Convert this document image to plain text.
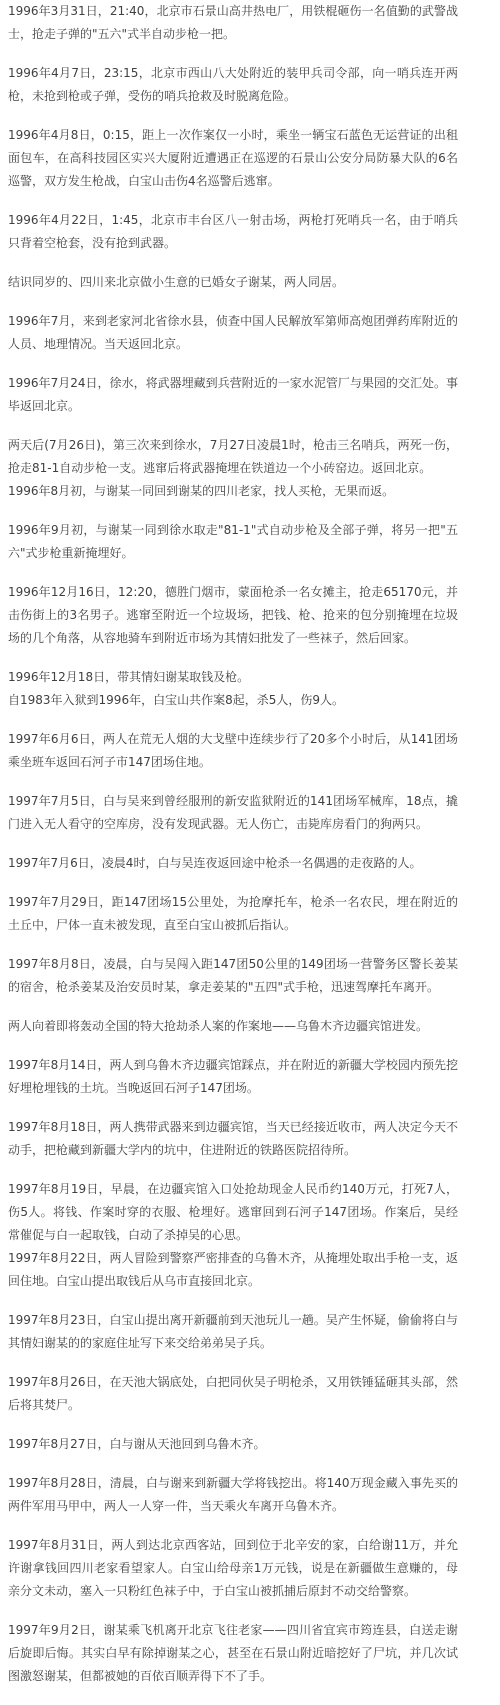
1996年3月31日，21:40，北京市石景山高井热电厂，用铁棍砸伤一名值勤的武警战士，抢走子弹的"五六"式半自动步枪一把。

1996年4月7日，23:15，北京市西山八大处附近的装甲兵司令部，向一哨兵连开两枪，未抢到枪或子弹，受伤的哨兵抢救及时脱离危险。

1996年4月8日，0:15，距上一次作案仅一小时，乘坐一辆宝石蓝色无运营证的出租面包车，在高科技园区实兴大厦附近遭遇正在巡逻的石景山公安分局防暴大队的6名巡警，双方发生枪战，白宝山击伤4名巡警后逃窜。

1996年4月22日，1:45，北京市丰台区八一射击场，两枪打死哨兵一名，由于哨兵只背着空枪套，没有抢到武器。

结识同岁的、四川来北京做小生意的已婚女子谢某，两人同居。

1996年7月，来到老家河北省徐水县，侦查中国人民解放军第师高炮团弹药库附近的人员、地理情况。当天返回北京。

1996年7月24日，徐水，将武器埋藏到兵营附近的一家水泥管厂与果园的交汇处。事毕返回北京。

两天后(7月26日)，第三次来到徐水，7月27日凌晨1时，枪击三名哨兵，两死一伤，抢走81-1自动步枪一支。逃窜后将武器掩埋在铁道边一个小砖窑边。返回北京。

1996年8月初，与谢某一同回到谢某的四川老家，找人买枪，无果而返。

1996年9月初，与谢某一同到徐水取走"81-1"式自动步枪及全部子弹，将另一把"五六"式步枪重新掩埋好。

1996年12月16日，12:20，德胜门烟市，蒙面枪杀一名女摊主，抢走65170元，并击伤街上的3名男子。逃窜至附近一个垃圾场，把钱、枪、抢来的包分别掩埋在垃圾场的几个角落，从容地骑车到附近市场为其情妇批发了一些袜子，然后回家。

1996年12月18日，带其情妇谢某取钱及枪。

自1983年入狱到1996年，白宝山共作案8起，杀5人，伤9人。

1997年6月6日，两人在荒无人烟的大戈壁中连续步行了20多个小时后，从141团场乘坐班车返回石河子市147团场住地。

1997年7月5日，白与吴来到曾经服刑的新安监狱附近的141团场军械库，18点，撬门进入无人看守的空库房，没有发现武器。无人伤亡，击毙库房看门的狗两只。

1997年7月6日，凌晨4时，白与吴连夜返回途中枪杀一名偶遇的走夜路的人。

1997年7月29日，距147团场15公里处，为抢摩托车，枪杀一名农民，埋在附近的土丘中，尸体一直未被发现，直至白宝山被抓后指认。

1997年8月8日，凌晨，白与吴闯入距147团50公里的149团场一营警务区警长姜某的宿舍，枪杀姜某及治安员时某，拿走姜某的"五四"式手枪，迅速驾摩托车离开。

两人向着即将轰动全国的特大抢劫杀人案的作案地——乌鲁木齐边疆宾馆进发。

1997年8月14日，两人到乌鲁木齐边疆宾馆踩点，并在附近的新疆大学校园内预先挖好埋枪埋钱的土坑。当晚返回石河子147团场。

1997年8月18日，两人携带武器来到边疆宾馆，当天已经接近收市，两人决定今天不动手，把枪藏到新疆大学内的坑中，住进附近的铁路医院招待所。

1997年8月19日，早晨，在边疆宾馆入口处抢劫现金人民币约140万元，打死7人，伤5人。将钱、作案时穿的衣服、枪埋好。逃窜回到石河子147团场。作案后，吴经常催促与白一起取钱，白动了杀掉吴的心思。

1997年8月22日，两人冒险到警察严密排查的乌鲁木齐，从掩埋处取出手枪一支，返回住地。白宝山提出取钱后从乌市直接回北京。

1997年8月23日，白宝山提出离开新疆前到天池玩儿一趟。吴产生怀疑，偷偷将白与其情妇谢某的的家庭住址写下来交给弟弟吴子兵。

1997年8月26日，在天池大锅底处，白把同伙吴子明枪杀，又用铁锤猛砸其头部，然后将其焚尸。

1997年8月27日，白与谢从天池回到乌鲁木齐。

1997年8月28日，清晨，白与谢来到新疆大学将钱挖出。将140万现金藏入事先买的两件军用马甲中，两人一人穿一件，当天乘火车离开乌鲁木齐。

1997年8月31日，两人到达北京西客站，回到位于北辛安的家，白给谢11万，并允许谢拿钱回四川老家看望家人。白宝山给母亲1万元钱，说是在新疆做生意赚的，母亲分文未动，塞入一只粉红色袜子中，于白宝山被抓捕后原封不动交给警察。

1997年9月2日，谢某乘飞机离开北京飞往老家——四川省宜宾市筠连县，白送走谢后旋即后悔。其实白早有除掉谢某之心，甚至在石景山附近暗挖好了尸坑，并几次试图激怒谢某，但都被她的百依百顺弄得下不了手。
